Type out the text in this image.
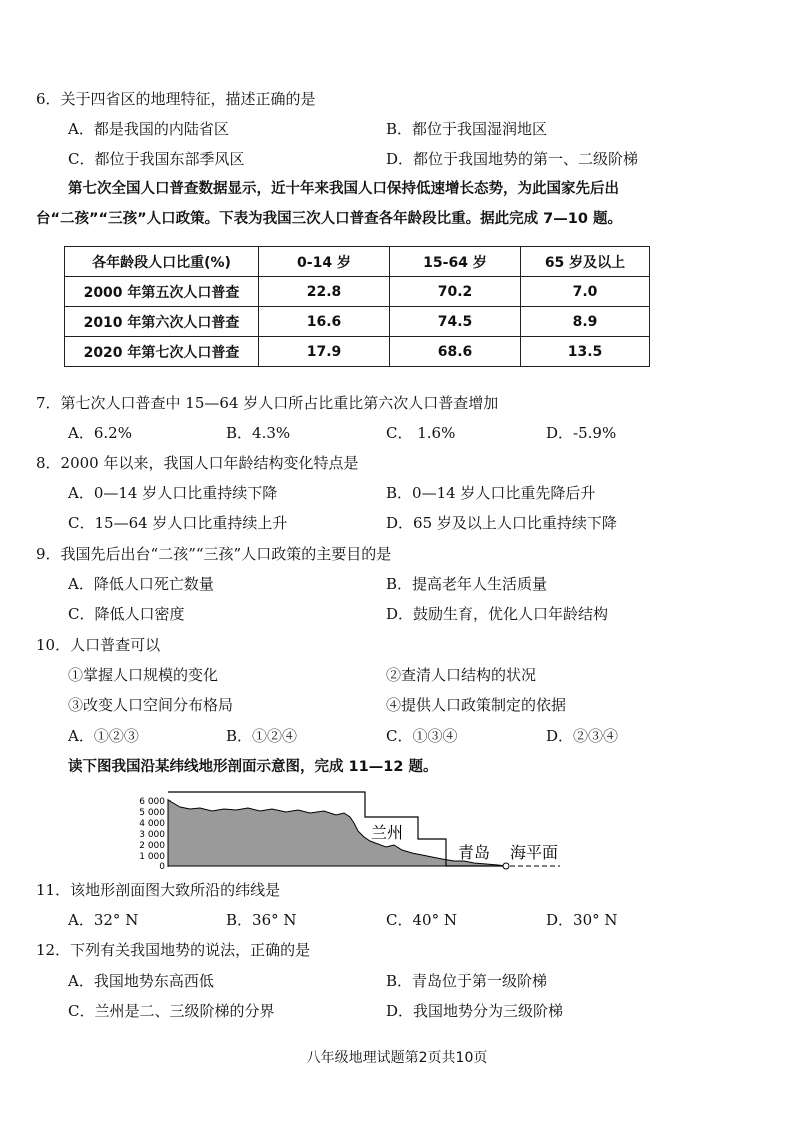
6．关于四省区的地理特征，描述正确的是
A．都是我国的内陆省区	B．都位于我国湿润地区
C．都位于我国东部季风区	D．都位于我国地势的第一、二级阶梯
第七次全国人口普查数据显示，近十年来我国人口保持低速增长态势，为此国家先后出
台“二孩”“三孩”人口政策。下表为我国三次人口普查各年龄段比重。据此完成 7—10 题。
各年龄段人口比重(%)	0-14 岁	15-64 岁	65 岁及以上
2000 年第五次人口普查	22.8	70.2	7.0
2010 年第六次人口普查	16.6	74.5	8.9
2020 年第七次人口普查	17.9	68.6	13.5
7．第七次人口普查中 15—64 岁人口所占比重比第六次人口普查增加
A．6.2%	B．4.3%	C． 1.6%	D．-5.9%
8．2000 年以来，我国人口年龄结构变化特点是
A．0—14 岁人口比重持续下降	B．0—14 岁人口比重先降后升
C．15—64 岁人口比重持续上升	D．65 岁及以上人口比重持续下降
9．我国先后出台“二孩”“三孩”人口政策的主要目的是
A．降低人口死亡数量	B．提高老年人生活质量
C．降低人口密度	D．鼓励生育，优化人口年龄结构
10．人口普查可以
①掌握人口规模的变化	②查清人口结构的状况
③改变人口空间分布格局	④提供人口政策制定的依据
A．①②③	B．①②④	C．①③④	D．②③④
读下图我国沿某纬线地形剖面示意图，完成 11—12 题。
6 000
5 000
4 000
3 000
2 000
1 000
0
兰州
青岛 海平面
11．该地形剖面图大致所沿的纬线是
A．32° N	B．36° N	C．40° N	D．30° N
12．下列有关我国地势的说法，正确的是
A．我国地势东高西低	B．青岛位于第一级阶梯
C．兰州是二、三级阶梯的分界	D．我国地势分为三级阶梯
八年级地理试题第2页共10页
